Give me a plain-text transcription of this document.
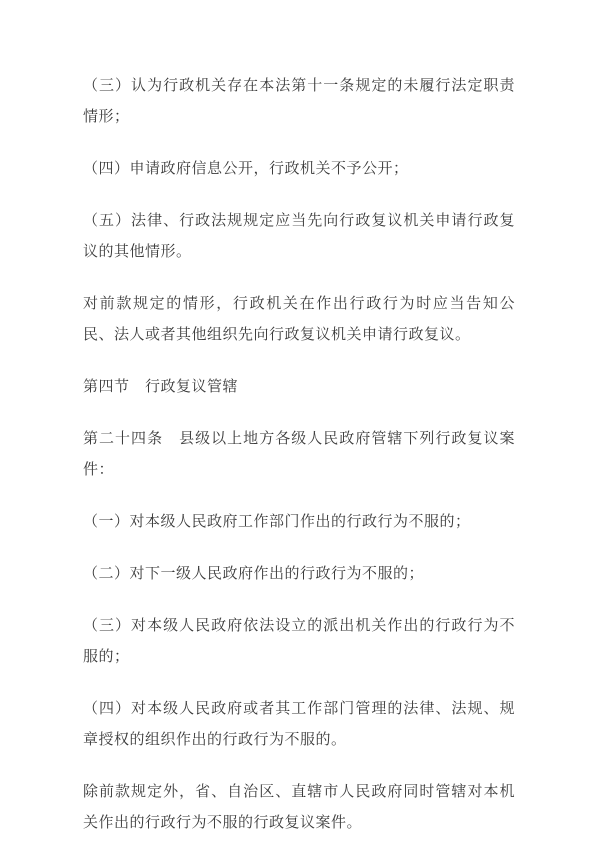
（三）认为行政机关存在本法第十一条规定的未履行法定职责情形；

（四）申请政府信息公开，行政机关不予公开；

（五）法律、行政法规规定应当先向行政复议机关申请行政复议的其他情形。

对前款规定的情形，行政机关在作出行政行为时应当告知公民、法人或者其他组织先向行政复议机关申请行政复议。

第四节　行政复议管辖

第二十四条　县级以上地方各级人民政府管辖下列行政复议案件：

（一）对本级人民政府工作部门作出的行政行为不服的；

（二）对下一级人民政府作出的行政行为不服的；

（三）对本级人民政府依法设立的派出机关作出的行政行为不服的；

（四）对本级人民政府或者其工作部门管理的法律、法规、规章授权的组织作出的行政行为不服的。

除前款规定外，省、自治区、直辖市人民政府同时管辖对本机关作出的行政行为不服的行政复议案件。
